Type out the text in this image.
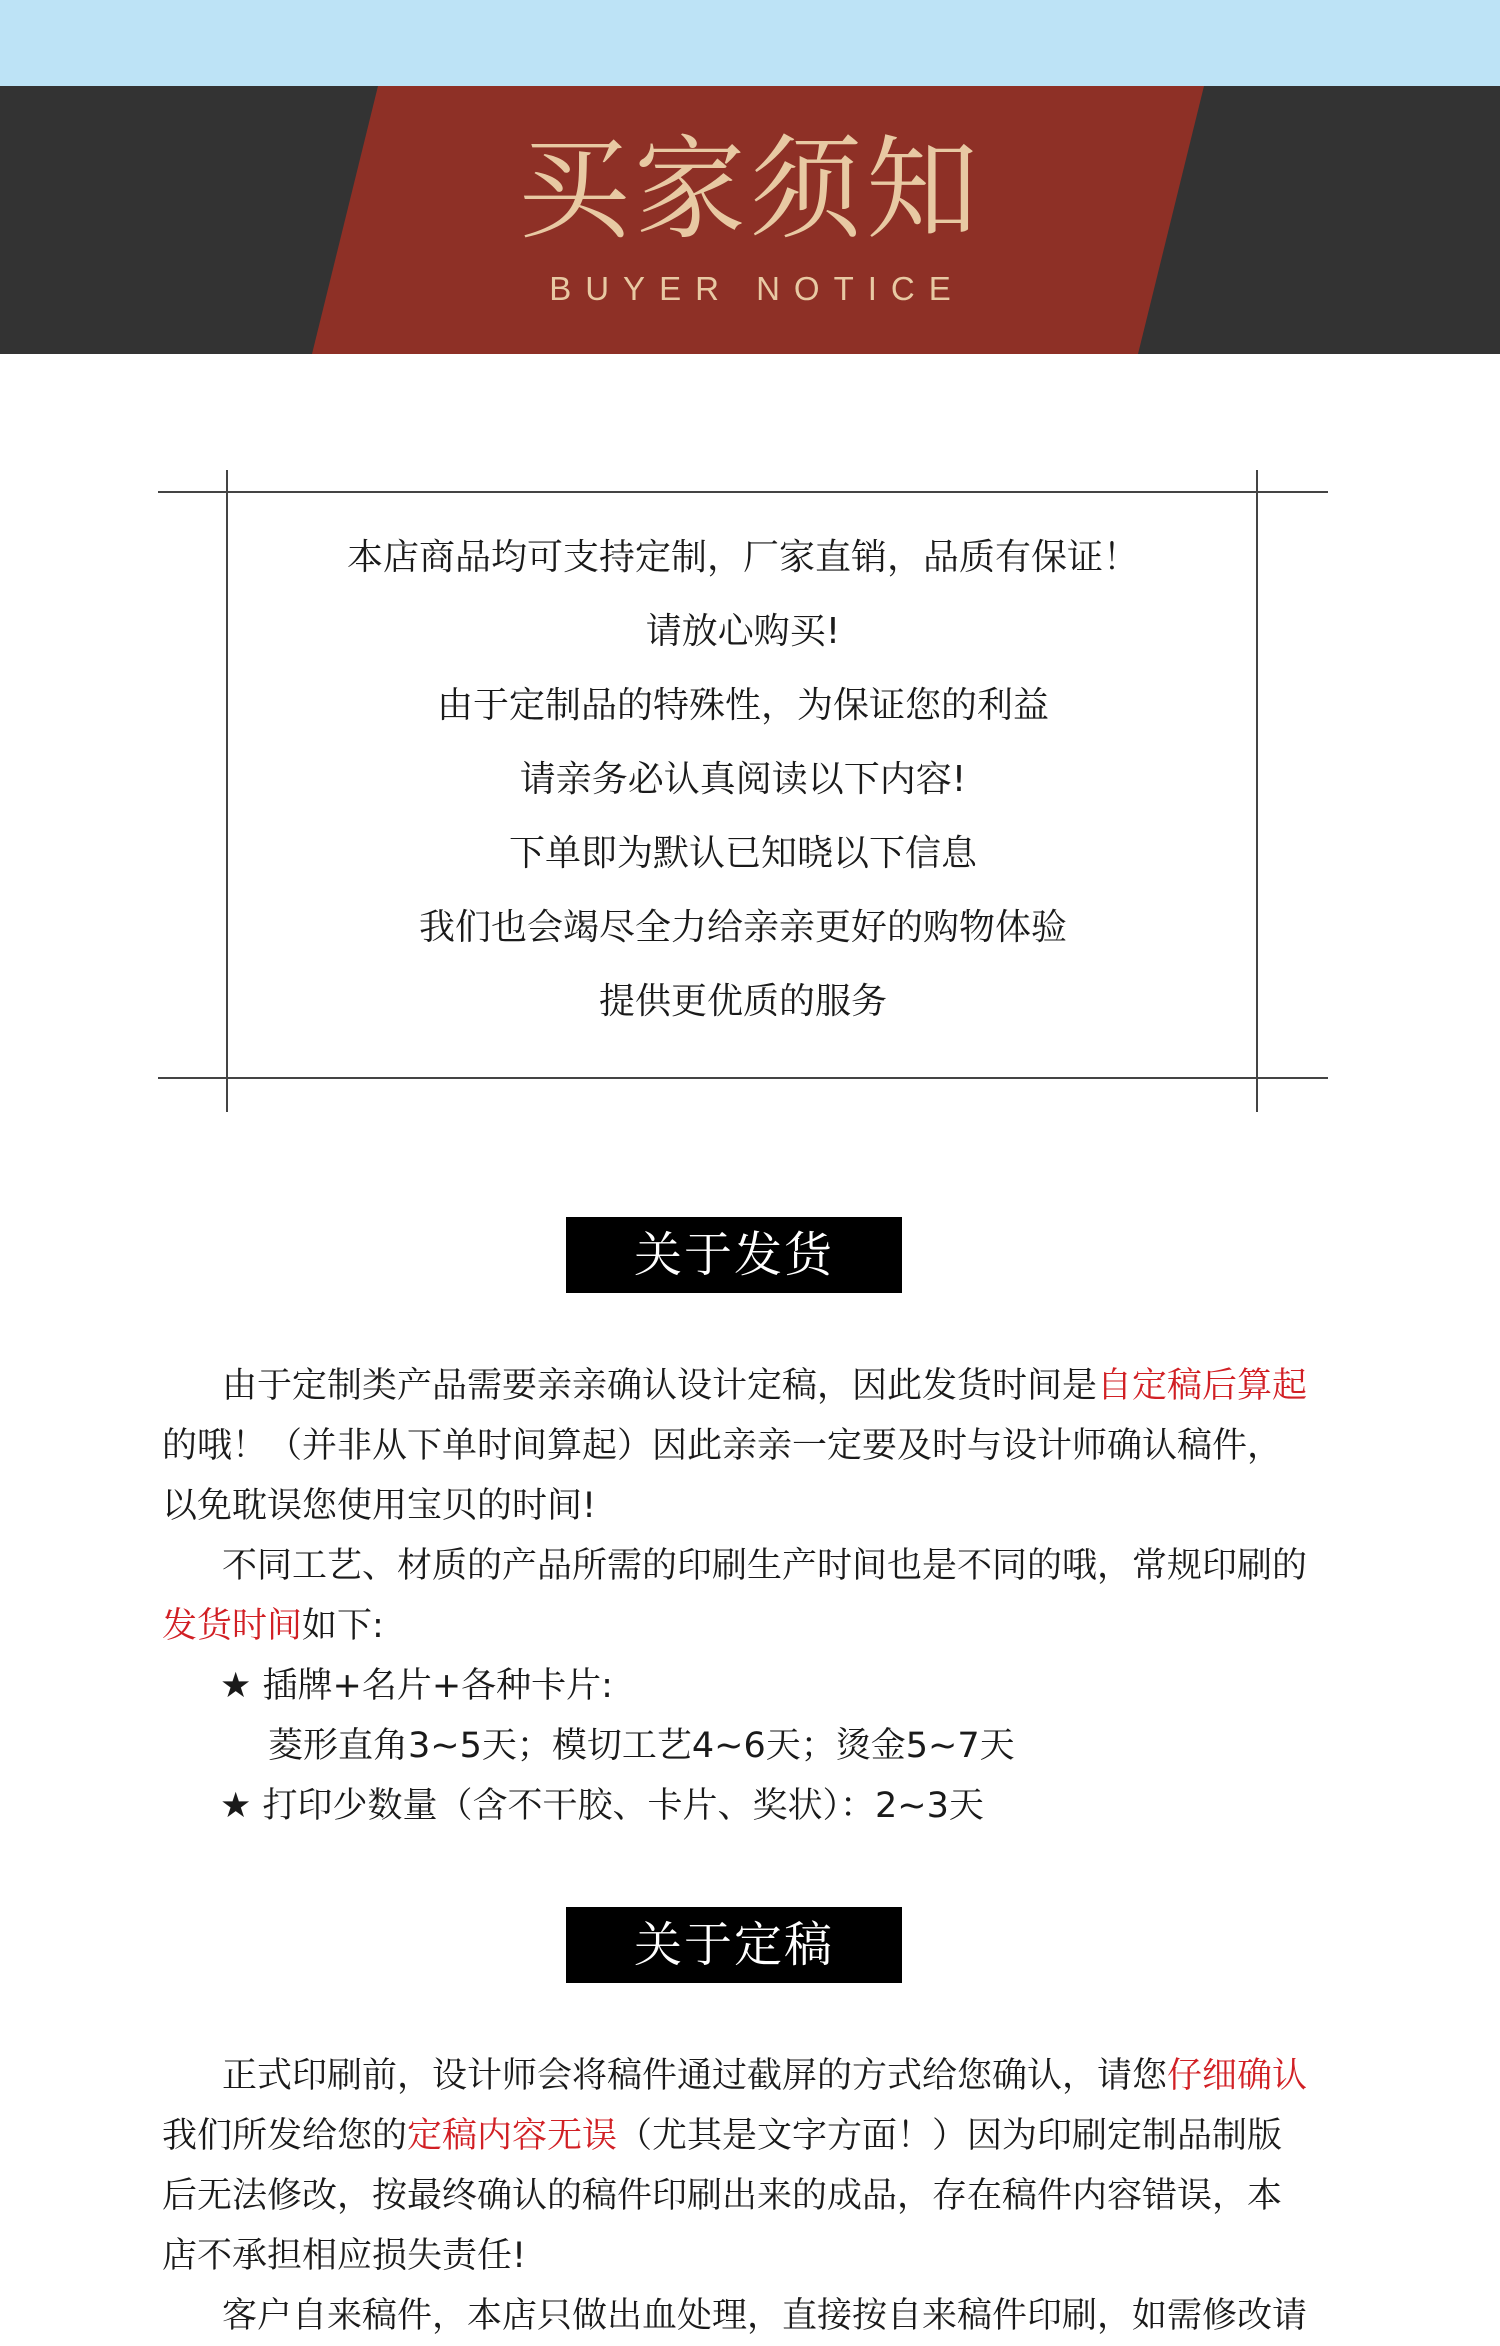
买家须知
BUYER NOTICE
本店商品均可支持定制，厂家直销，品质有保证！
请放心购买!
由于定制品的特殊性，为保证您的利益
请亲务必认真阅读以下内容!
下单即为默认已知晓以下信息
我们也会竭尽全力给亲亲更好的购物体验
提供更优质的服务
关于发货
由于定制类产品需要亲亲确认设计定稿，因此发货时间是自定稿后算起
的哦！（并非从下单时间算起）因此亲亲一定要及时与设计师确认稿件，
以免耽误您使用宝贝的时间!
不同工艺、材质的产品所需的印刷生产时间也是不同的哦，常规印刷的
发货时间如下:
★ 插牌+名片+各种卡片:
菱形直角3~5天；模切工艺4~6天；烫金5~7天
★ 打印少数量（含不干胶、卡片、奖状）：2~3天
关于定稿
正式印刷前，设计师会将稿件通过截屏的方式给您确认，请您仔细确认
我们所发给您的定稿内容无误（尤其是文字方面！）因为印刷定制品制版
后无法修改，按最终确认的稿件印刷出来的成品，存在稿件内容错误，本
店不承担相应损失责任!
客户自来稿件，本店只做出血处理，直接按自来稿件印刷，如需修改请
